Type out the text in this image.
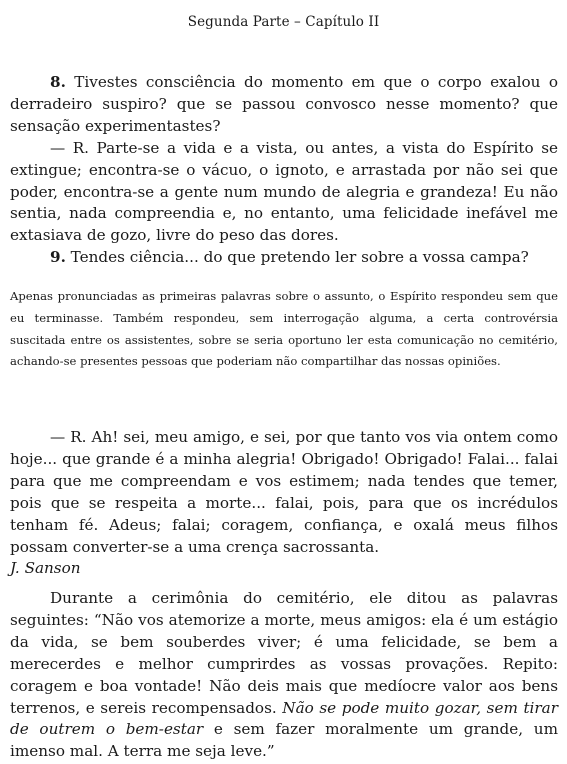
Segunda Parte – Capítulo II

8. Tivestes consciência do momento em que o corpo exalou o derradeiro suspiro? que se passou convosco nesse momento? que sensação experimentastes?

— R. Parte-se a vida e a vista, ou antes, a vista do Espírito se extingue; encontra-se o vácuo, o ignoto, e arrastada por não sei que poder, encontra-se a gente num mundo de alegria e grandeza! Eu não sentia, nada compreendia e, no entanto, uma felicidade inefável me extasiava de gozo, livre do peso das dores.

9. Tendes ciência... do que pretendo ler sobre a vossa campa?

Apenas pronunciadas as primeiras palavras sobre o assunto, o Espírito respondeu sem que eu terminasse. Também respondeu, sem interrogação alguma, a certa controvérsia suscitada entre os assistentes, sobre se seria oportuno ler esta comunicação no cemitério, achando-se presentes pessoas que poderiam não compartilhar das nossas opiniões.

— R. Ah! sei, meu amigo, e sei, por que tanto vos via ontem como hoje... que grande é a minha alegria! Obrigado! Obrigado! Falai... falai para que me compreendam e vos estimem; nada tendes que temer, pois que se respeita a morte... falai, pois, para que os incrédulos tenham fé. Adeus; falai; coragem, confiança, e oxalá meus filhos possam converter-se a uma crença sacrossanta.

J. Sanson

Durante a cerimônia do cemitério, ele ditou as palavras seguintes: “Não vos atemorize a morte, meus amigos: ela é um estágio da vida, se bem souberdes viver; é uma felicidade, se bem a merecerdes e melhor cumprirdes as vossas provações. Repito: coragem e boa vontade! Não deis mais que medíocre valor aos bens terrenos, e sereis recompensados. Não se pode muito gozar, sem tirar de outrem o bem-estar e sem fazer moralmente um grande, um imenso mal. A terra me seja leve.”
